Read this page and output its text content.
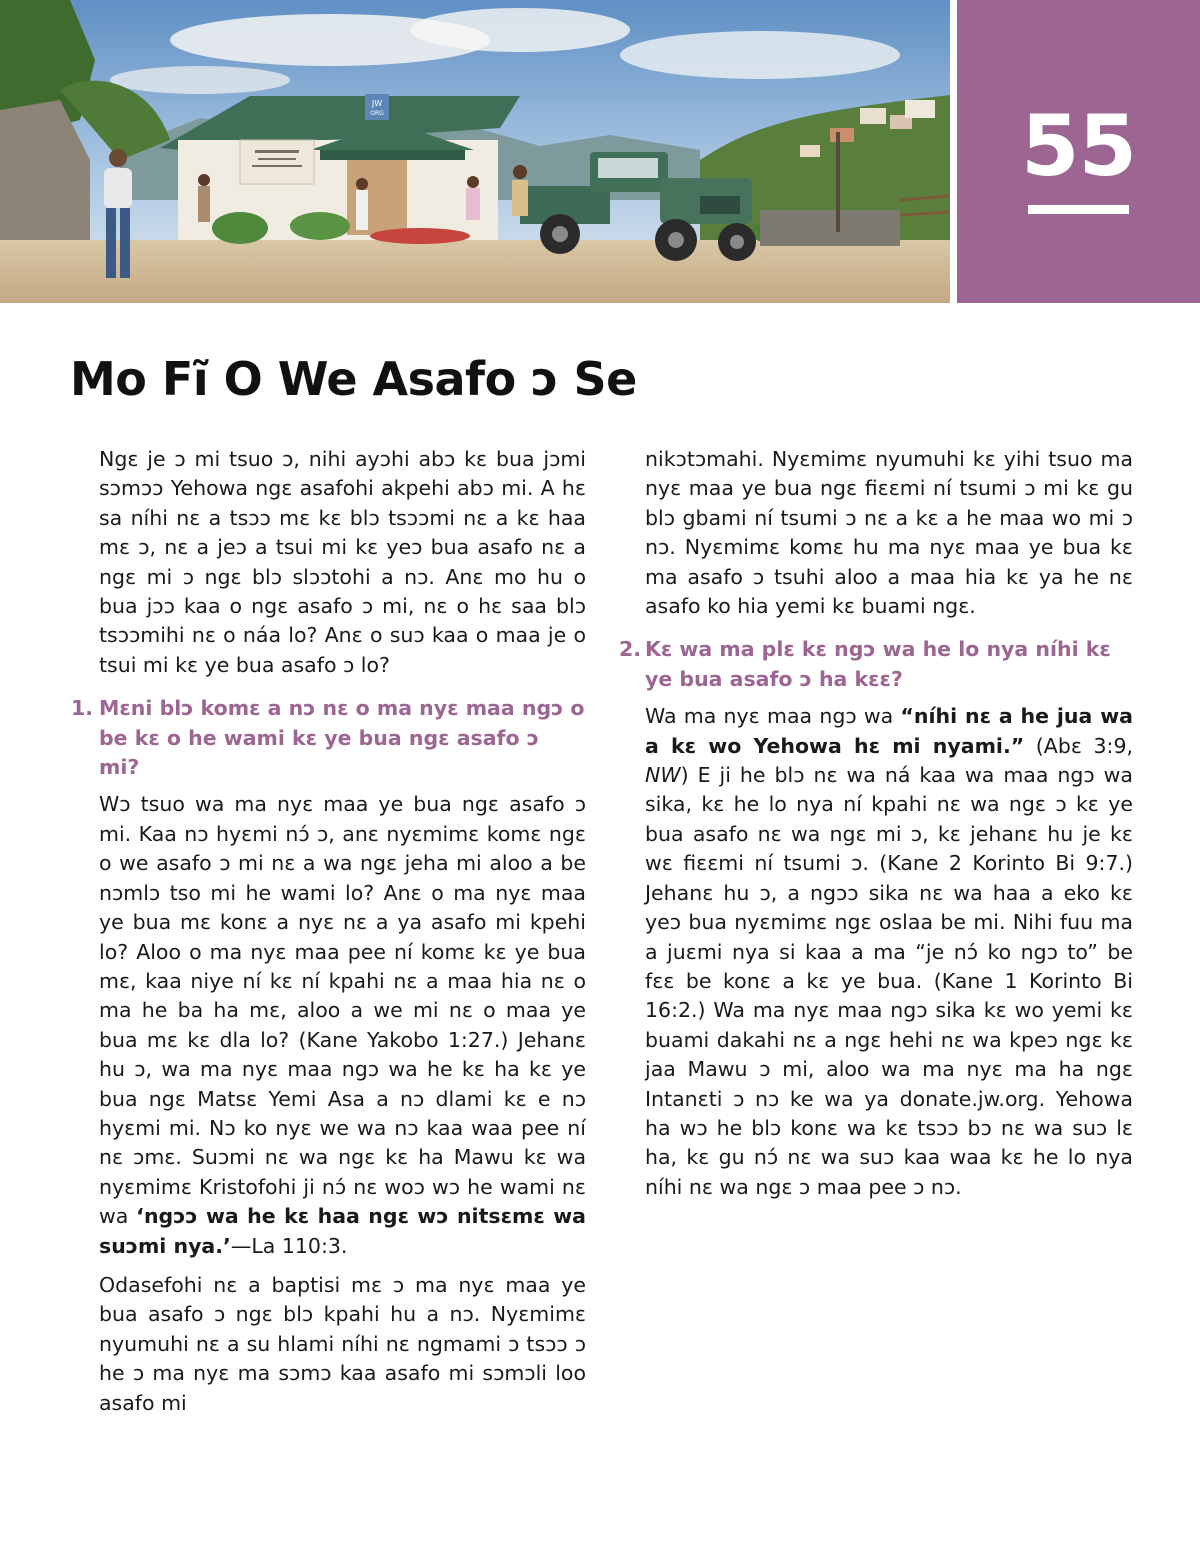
JW
ORG	55
Mo Fĩ O We Asafo ɔ Se

Ngɛ je ɔ mi tsuo ɔ, nihi ayɔhi abɔ kɛ bua jɔmi sɔmɔɔ Yehowa ngɛ asafohi akpehi abɔ mi. A hɛ sa níhi nɛ a tsɔɔ mɛ kɛ blɔ tsɔɔmi nɛ a kɛ haa mɛ ɔ, nɛ a jeɔ a tsui mi kɛ yeɔ bua asafo nɛ a ngɛ mi ɔ ngɛ blɔ slɔɔtohi a nɔ. Anɛ mo hu o bua jɔɔ kaa o ngɛ asafo ɔ mi, nɛ o hɛ saa blɔ tsɔɔmihi nɛ o náa lo? Anɛ o suɔ kaa o maa je o tsui mi kɛ ye bua asafo ɔ lo?

1. Mɛni blɔ komɛ a nɔ nɛ o ma nyɛ maa ngɔ o be kɛ o he wami kɛ ye bua ngɛ asafo ɔ mi?

Wɔ tsuo wa ma nyɛ maa ye bua ngɛ asafo ɔ mi. Kaa nɔ hyɛmi nɔ́ ɔ, anɛ nyɛmimɛ komɛ ngɛ o we asafo ɔ mi nɛ a wa ngɛ jeha mi aloo a be nɔmlɔ tso mi he wami lo? Anɛ o ma nyɛ maa ye bua mɛ konɛ a nyɛ nɛ a ya asafo mi kpehi lo? Aloo o ma nyɛ maa pee ní komɛ kɛ ye bua mɛ, kaa niye ní kɛ ní kpahi nɛ a maa hia nɛ o ma he ba ha mɛ, aloo a we mi nɛ o maa ye bua mɛ kɛ dla lo? (Kane Yakobo 1:27.) Jehanɛ hu ɔ, wa ma nyɛ maa ngɔ wa he kɛ ha kɛ ye bua ngɛ Matsɛ Yemi Asa a nɔ dlami kɛ e nɔ hyɛmi mi. Nɔ ko nyɛ we wa nɔ kaa waa pee ní nɛ ɔmɛ. Suɔmi nɛ wa ngɛ kɛ ha Mawu kɛ wa nyɛmimɛ Kristofohi ji nɔ́ nɛ woɔ wɔ he wami nɛ wa ‘ngɔɔ wa he kɛ haa ngɛ wɔ nitsɛmɛ wa suɔmi nya.’—La 110:3.

Odasefohi nɛ a baptisi mɛ ɔ ma nyɛ maa ye bua asafo ɔ ngɛ blɔ kpahi hu a nɔ. Nyɛmimɛ nyumuhi nɛ a su hlami níhi nɛ ngmami ɔ tsɔɔ ɔ he ɔ ma nyɛ ma sɔmɔ kaa asafo mi sɔmɔli loo asafo mi

nikɔtɔmahi. Nyɛmimɛ nyumuhi kɛ yihi tsuo ma nyɛ maa ye bua ngɛ fiɛɛmi ní tsumi ɔ mi kɛ gu blɔ gbami ní tsumi ɔ nɛ a kɛ a he maa wo mi ɔ nɔ. Nyɛmimɛ komɛ hu ma nyɛ maa ye bua kɛ ma asafo ɔ tsuhi aloo a maa hia kɛ ya he nɛ asafo ko hia yemi kɛ buami ngɛ.

2. Kɛ wa ma plɛ kɛ ngɔ wa he lo nya níhi kɛ ye bua asafo ɔ ha kɛɛ?

Wa ma nyɛ maa ngɔ wa “níhi nɛ a he jua wa a kɛ wo Yehowa hɛ mi nyami.” (Abɛ 3:9, NW) E ji he blɔ nɛ wa ná kaa wa maa ngɔ wa sika, kɛ he lo nya ní kpahi nɛ wa ngɛ ɔ kɛ ye bua asafo nɛ wa ngɛ mi ɔ, kɛ jehanɛ hu je kɛ wɛ fiɛɛmi ní tsumi ɔ. (Kane 2 Korinto Bi 9:7.) Jehanɛ hu ɔ, a ngɔɔ sika nɛ wa haa a eko kɛ yeɔ bua nyɛmimɛ ngɛ oslaa be mi. Nihi fuu ma a juɛmi nya si kaa a ma “je nɔ́ ko ngɔ to” be fɛɛ be konɛ a kɛ ye bua. (Kane 1 Korinto Bi 16:2.) Wa ma nyɛ maa ngɔ sika kɛ wo yemi kɛ buami dakahi nɛ a ngɛ hehi nɛ wa kpeɔ ngɛ kɛ jaa Mawu ɔ mi, aloo wa ma nyɛ ma ha ngɛ Intanɛti ɔ nɔ ke wa ya donate.jw.org. Yehowa ha wɔ he blɔ konɛ wa kɛ tsɔɔ bɔ nɛ wa suɔ lɛ ha, kɛ gu nɔ́ nɛ wa suɔ kaa waa kɛ he lo nya níhi nɛ wa ngɛ ɔ maa pee ɔ nɔ.
